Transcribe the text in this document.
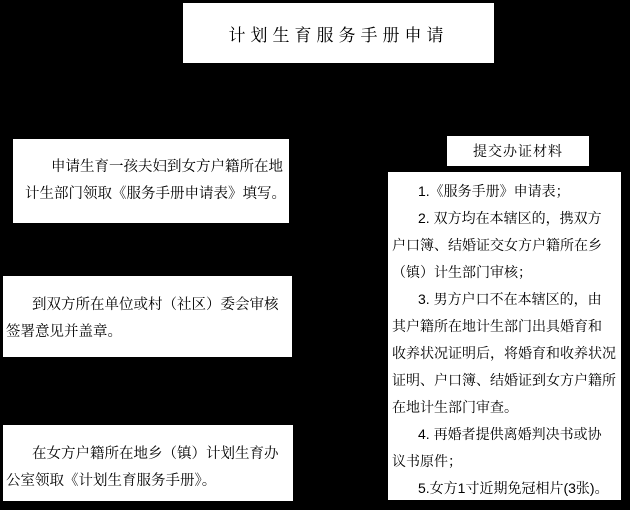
计划生育服务手册申请
申请生育一孩夫妇到女方户籍所在地
计生部门领取《服务手册申请表》填写。
到双方所在单位或村（社区）委会审核
签署意见并盖章。
在女方户籍所在地乡（镇）计划生育办
公室领取《计划生育服务手册》。
提交办证材料
1.《服务手册》申请表；
2. 双方均在本辖区的，携双方
户口簿、结婚证交女方户籍所在乡
（镇）计生部门审核；
3. 男方户口不在本辖区的，由
其户籍所在地计生部门出具婚育和
收养状况证明后，将婚育和收养状况
证明、户口簿、结婚证到女方户籍所
在地计生部门审查。
4. 再婚者提供离婚判决书或协
议书原件；
5.女方1寸近期免冠相片(3张)。
